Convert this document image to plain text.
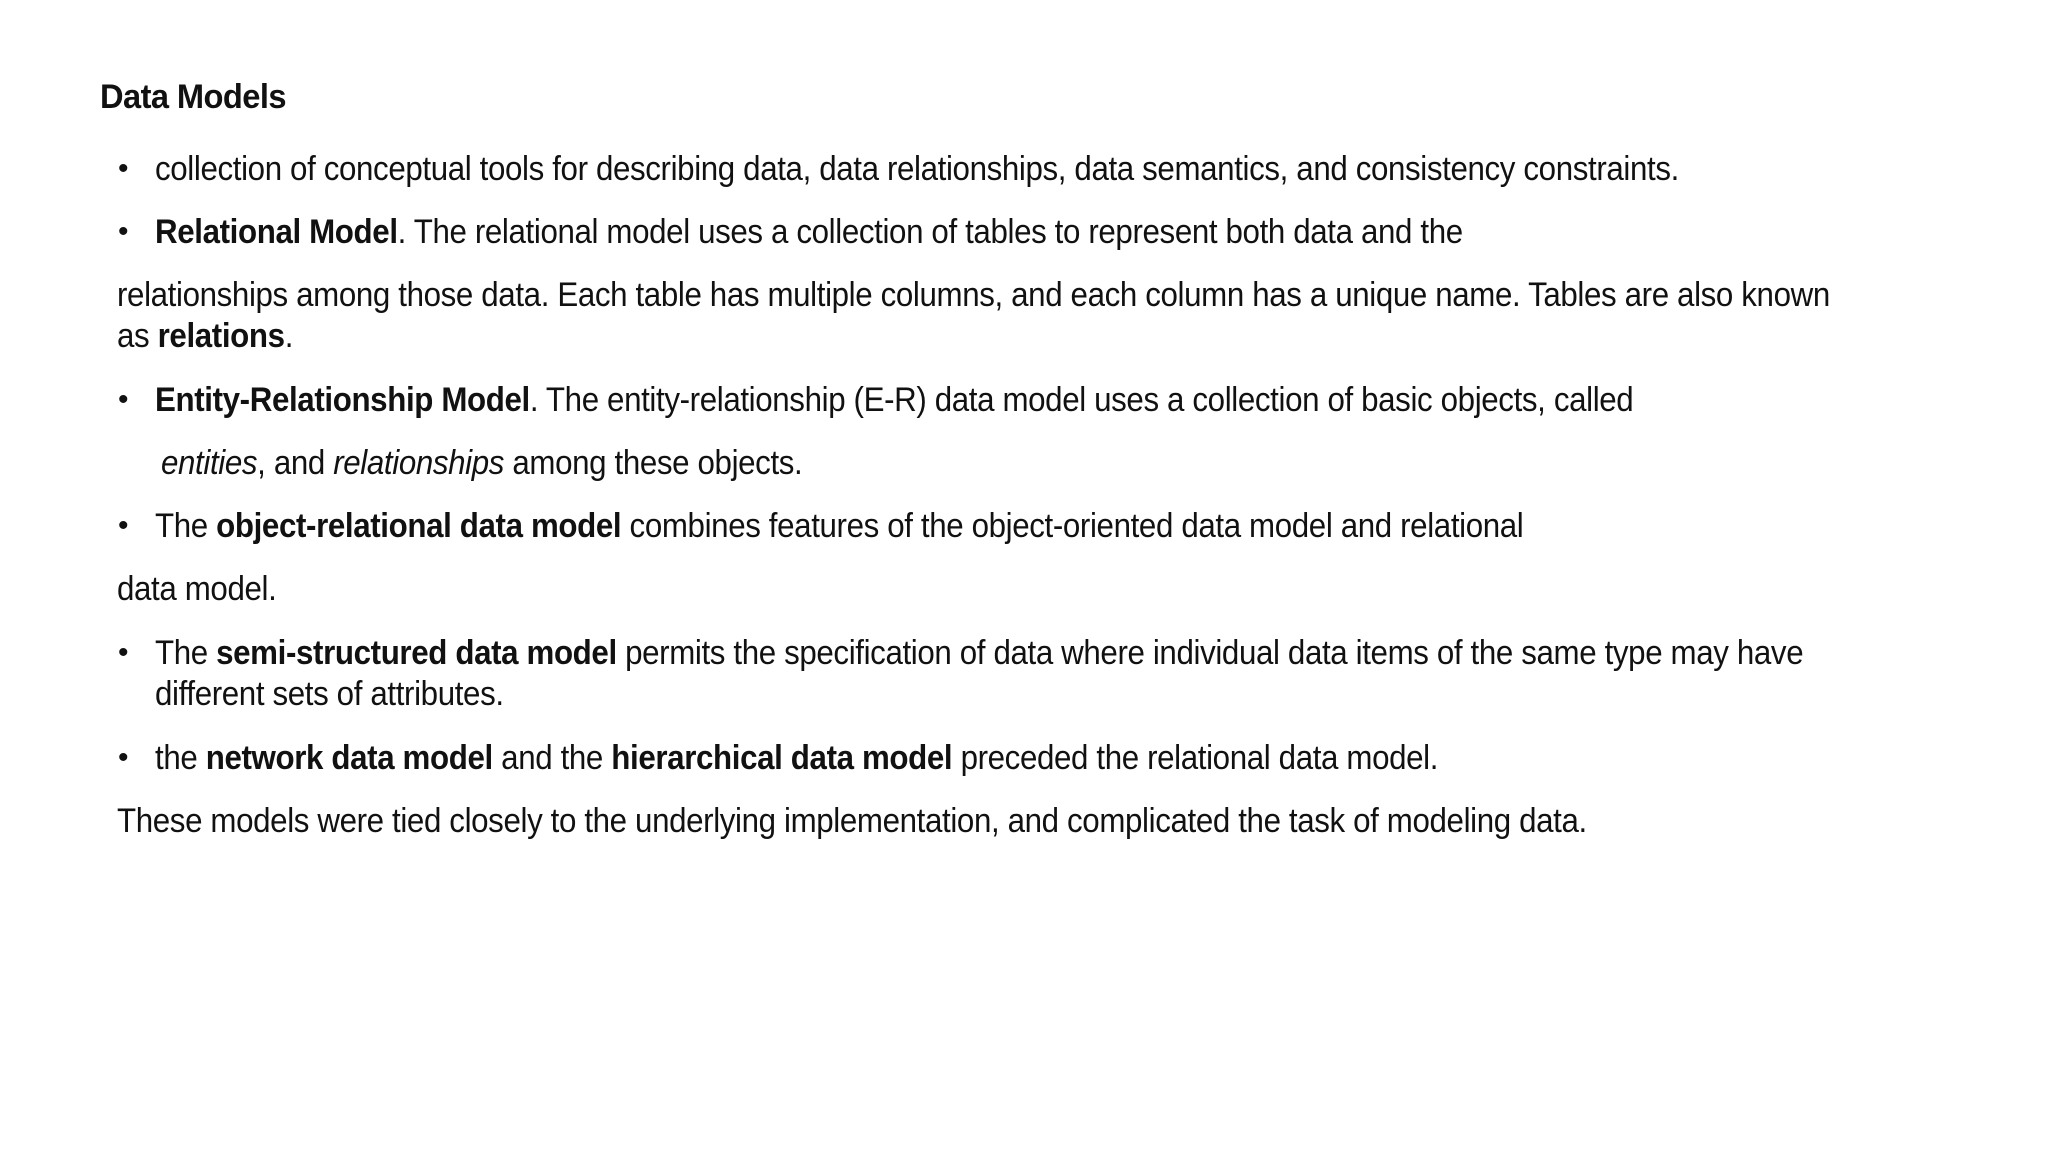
Data Models
• collection of conceptual tools for describing data, data relationships, data semantics, and consistency constraints.
• Relational Model. The relational model uses a collection of tables to represent both data and the
relationships among those data. Each table has multiple columns, and each column has a unique name. Tables are also known
as relations.
• Entity-Relationship Model. The entity-relationship (E-R) data model uses a collection of basic objects, called
entities, and relationships among these objects.
• The object-relational data model combines features of the object-oriented data model and relational
data model.
• The semi-structured data model permits the specification of data where individual data items of the same type may have
different sets of attributes.
• the network data model and the hierarchical data model preceded the relational data model.
These models were tied closely to the underlying implementation, and complicated the task of modeling data.
